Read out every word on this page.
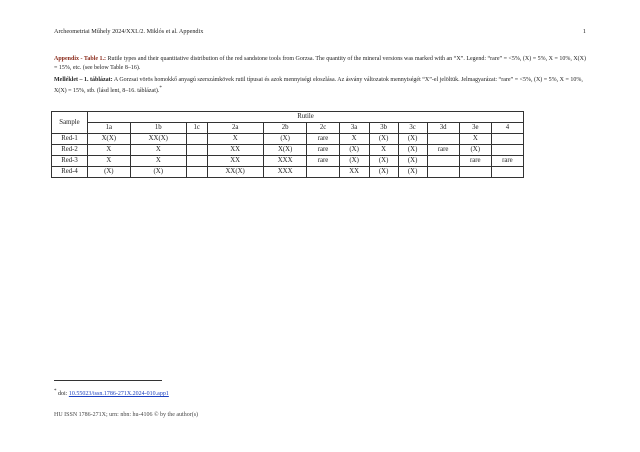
Archeometriai Műhely 2024/XXI./2. Miklós et al. Appendix	1

Appendix - Table 1.: Rutile types and their quantitative distribution of the red sandstone tools from Gorzsa. The quantity of the mineral versions was marked with an “X”. Legend: “rare” = <5%, (X) = 5%, X = 10%, X(X) = 15%, etc. (see below Table 8–16).

Melléklet – 1. táblázat: A Gorzsai vörös homokkő anyagú szerszámkövek rutil típusai és azok mennyiségi eloszlása. Az ásvány változatok mennyiségét “X”-el jelöltük. Jelmagyarázat: “rare” = <5%, (X) = 5%, X = 10%, X(X) = 15%, stb. (lásd lent, 8–16. táblázat).*

Sample	Rutile											
	1a	1b	1c	2a	2b	2c	3a	3b	3c	3d	3e	4
Red-1	X(X)	XX(X)		X	(X)	rare	X	(X)	(X)		X	
Red-2	X	X		XX	X(X)	rare	(X)	X	(X)	rare	(X)	
Red-3	X	X		XX	XXX	rare	(X)	(X)	(X)		rare	rare
Red-4	(X)	(X)		XX(X)	XXX		XX	(X)	(X)			
* doi: 10.55023/issn.1786-271X.2024-010.app1
HU ISSN 1786-271X; urn: nbn: hu-4106 © by the author(s)
